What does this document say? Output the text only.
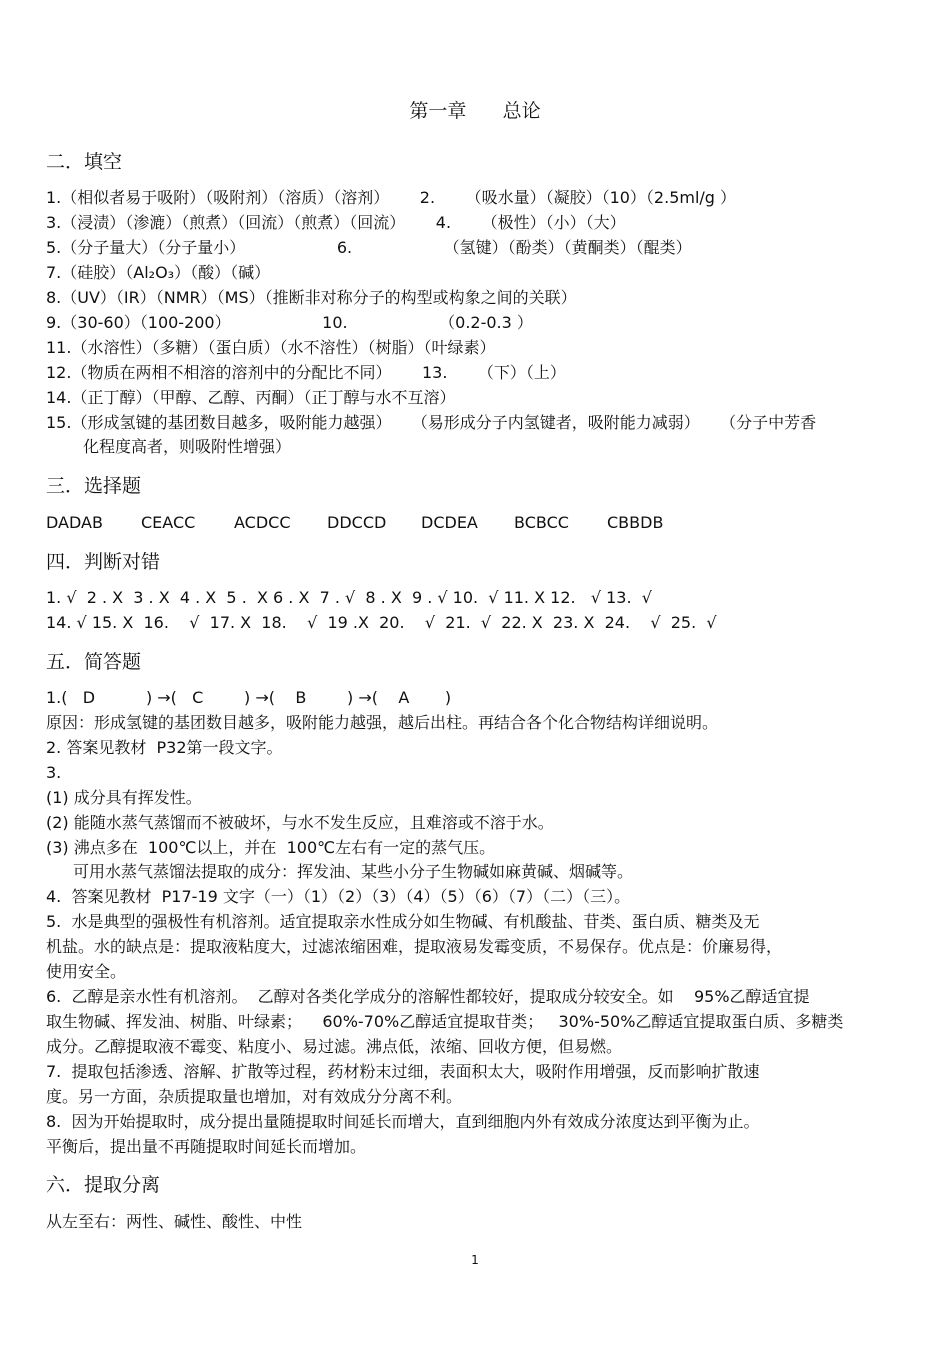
第一章      总论
二．填空
1.（相似者易于吸附）（吸附剂）（溶质）（溶剂）      2.      （吸水量）（凝胶）（10）（2.5ml/g ）
3.（浸渍）（渗漉）（煎煮）（回流）（煎煮）（回流）      4.      （极性）（小）（大）
5.（分子量大）（分子量小）                  6.                  （氢键）（酚类）（黄酮类）（醌类）
7.（硅胶）（Al₂O₃）（酸）（碱）
8.（UV）（IR）（NMR）（MS）（推断非对称分子的构型或构象之间的关联）
9.（30-60）（100-200）                  10.                  （0.2-0.3 ）
11.（水溶性）（多糖）（蛋白质）（水不溶性）（树脂）（叶绿素）
12.（物质在两相不相溶的溶剂中的分配比不同）      13.      （下）（上）
14.（正丁醇）（甲醇、乙醇、丙酮）（正丁醇与水不互溶）
15.（形成氢键的基团数目越多，吸附能力越强）    （易形成分子内氢键者，吸附能力减弱）    （分子中芳香
化程度高者，则吸附性增强）
三．选择题

DADAB

CEACC

ACDCC

DDCCD

DCDEA

BCBCC

CBBDB

四．判断对错
1. √  2 . X  3 . X  4 . X  5 .  X 6 . X  7 . √  8 . X  9 . √ 10.  √ 11. X 12.   √ 13.  √
14. √ 15. X  16.    √  17. X  18.    √  19 .X  20.    √  21.  √  22. X  23. X  24.    √  25.  √
五．简答题
1.(   D          ) →(   C        ) →(    B        ) →(    A       )
原因：形成氢键的基团数目越多，吸附能力越强，越后出柱。再结合各个化合物结构详细说明。
2. 答案见教材  P32第一段文字。
3.
(1) 成分具有挥发性。
(2) 能随水蒸气蒸馏而不被破坏，与水不发生反应，且难溶或不溶于水。
(3) 沸点多在  100℃以上，并在  100℃左右有一定的蒸气压。
可用水蒸气蒸馏法提取的成分：挥发油、某些小分子生物碱如麻黄碱、烟碱等。
4.  答案见教材  P17-19 文字（一）（1）（2）（3）（4）（5）（6）（7）（二）（三）。
5.  水是典型的强极性有机溶剂。适宜提取亲水性成分如生物碱、有机酸盐、苷类、蛋白质、糖类及无
机盐。水的缺点是：提取液粘度大，过滤浓缩困难，提取液易发霉变质，不易保存。优点是：价廉易得，
使用安全。
6.  乙醇是亲水性有机溶剂。  乙醇对各类化学成分的溶解性都较好，提取成分较安全。如    95%乙醇适宜提
取生物碱、挥发油、树脂、叶绿素；    60%-70%乙醇适宜提取苷类；   30%-50%乙醇适宜提取蛋白质、多糖类
成分。乙醇提取液不霉变、粘度小、易过滤。沸点低，浓缩、回收方便，但易燃。
7.  提取包括渗透、溶解、扩散等过程，药材粉末过细，表面积太大，吸附作用增强，反而影响扩散速
度。另一方面，杂质提取量也增加，对有效成分分离不利。
8.  因为开始提取时，成分提出量随提取时间延长而增大，直到细胞内外有效成分浓度达到平衡为止。
平衡后，提出量不再随提取时间延长而增加。
六．提取分离
从左至右：两性、碱性、酸性、中性
1
